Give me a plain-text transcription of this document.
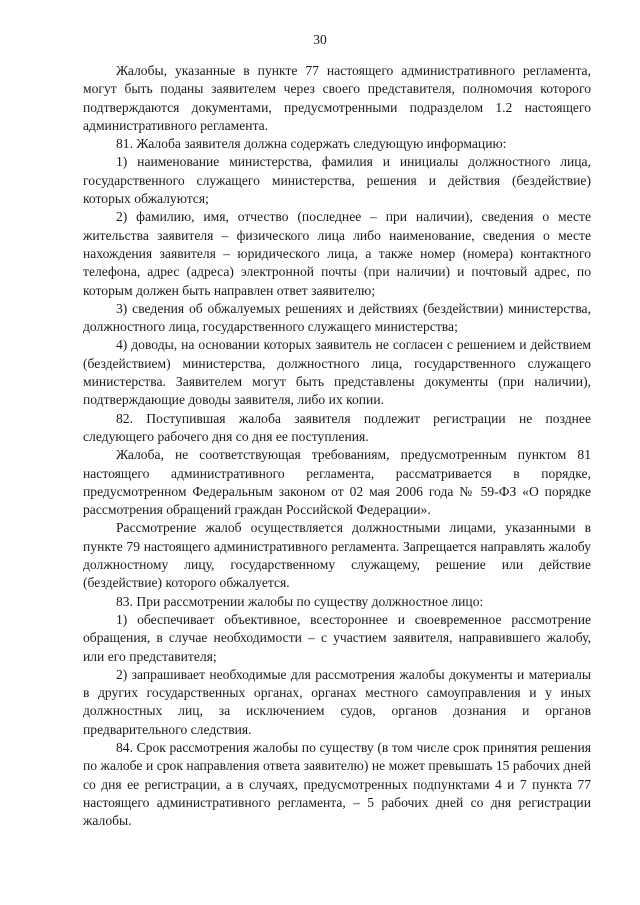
30

Жалобы, указанные в пункте 77 настоящего административного регламента, могут быть поданы заявителем через своего представителя, полномочия которого подтверждаются документами, предусмотренными подразделом 1.2 настоящего административного регламента.

81. Жалоба заявителя должна содержать следующую информацию:

1) наименование министерства, фамилия и инициалы должностного лица, государственного служащего министерства, решения и действия (бездействие) которых обжалуются;

2) фамилию, имя, отчество (последнее – при наличии), сведения о месте жительства заявителя – физического лица либо наименование, сведения о месте нахождения заявителя – юридического лица, а также номер (номера) контактного телефона, адрес (адреса) электронной почты (при наличии) и почтовый адрес, по которым должен быть направлен ответ заявителю;

3) сведения об обжалуемых решениях и действиях (бездействии) министерства, должностного лица, государственного служащего министерства;

4) доводы, на основании которых заявитель не согласен с решением и действием (бездействием) министерства, должностного лица, государственного служащего министерства. Заявителем могут быть представлены документы (при наличии), подтверждающие доводы заявителя, либо их копии.

82. Поступившая жалоба заявителя подлежит регистрации не позднее следующего рабочего дня со дня ее поступления.

Жалоба, не соответствующая требованиям, предусмотренным пунктом 81 настоящего административного регламента, рассматривается в порядке, предусмотренном Федеральным законом от 02 мая 2006 года № 59-ФЗ «О порядке рассмотрения обращений граждан Российской Федерации».

Рассмотрение жалоб осуществляется должностными лицами, указанными в пункте 79 настоящего административного регламента. Запрещается направлять жалобу должностному лицу, государственному служащему, решение или действие (бездействие) которого обжалуется.

83. При рассмотрении жалобы по существу должностное лицо:

1) обеспечивает объективное, всестороннее и своевременное рассмотрение обращения, в случае необходимости – с участием заявителя, направившего жалобу, или его представителя;

2) запрашивает необходимые для рассмотрения жалобы документы и материалы в других государственных органах, органах местного самоуправления и у иных должностных лиц, за исключением судов, органов дознания и органов предварительного следствия.

84. Срок рассмотрения жалобы по существу (в том числе срок принятия решения по жалобе и срок направления ответа заявителю) не может превышать 15 рабочих дней со дня ее регистрации, а в случаях, предусмотренных подпунктами 4 и 7 пункта 77 настоящего административного регламента, – 5 рабочих дней со дня регистрации жалобы.
